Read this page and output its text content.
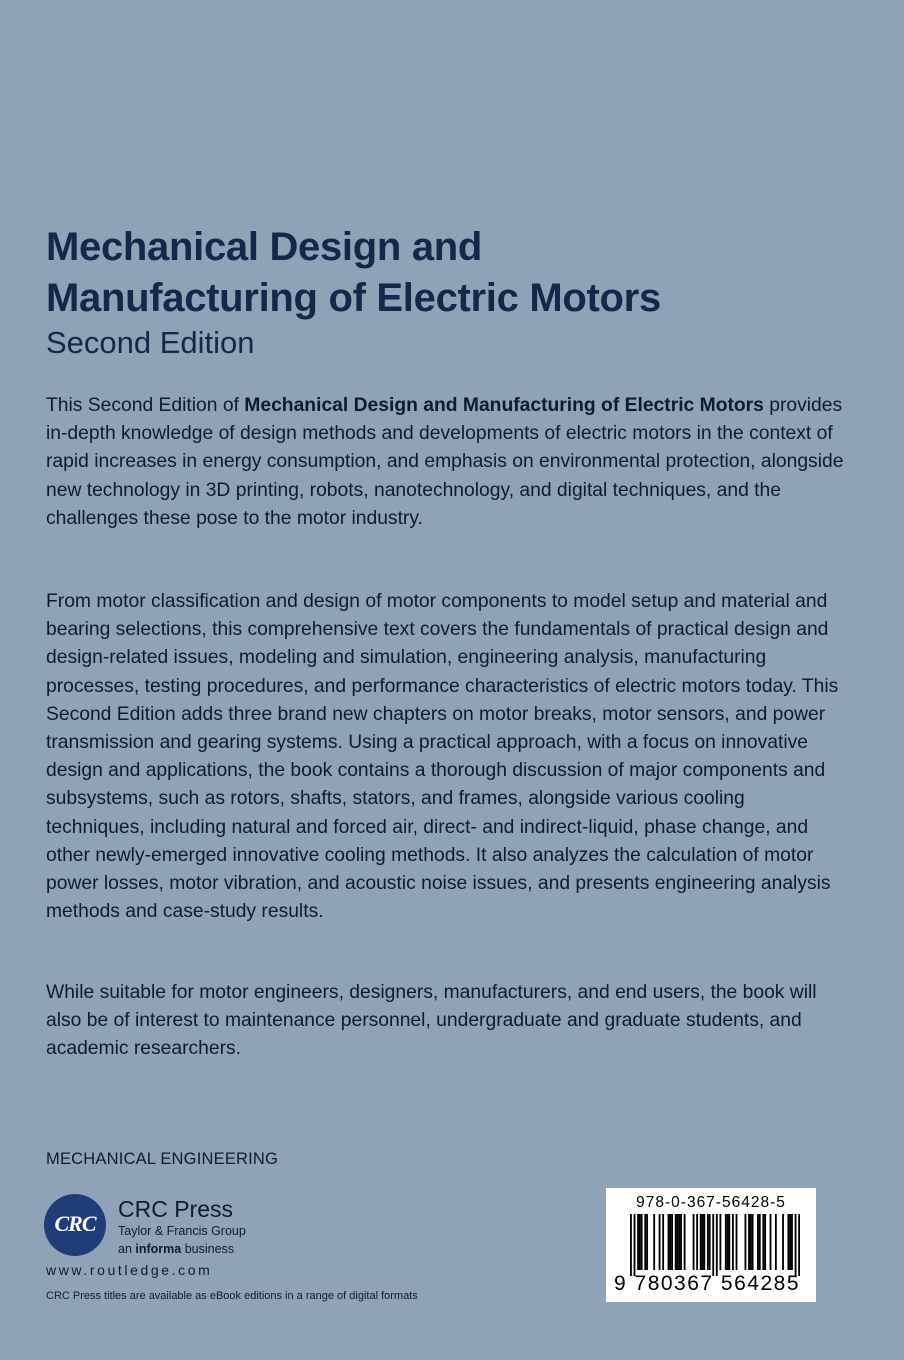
Mechanical Design and
Manufacturing of Electric Motors
Second Edition

This Second Edition of Mechanical Design and Manufacturing of Electric Motors provides in-depth knowledge of design methods and developments of electric motors in the context of rapid increases in energy consumption, and emphasis on environmental protection, alongside new technology in 3D printing, robots, nanotechnology, and digital techniques, and the challenges these pose to the motor industry.

From motor classification and design of motor components to model setup and material and bearing selections, this comprehensive text covers the fundamentals of practical design and design-related issues, modeling and simulation, engineering analysis, manufacturing processes, testing procedures, and performance characteristics of electric motors today. This Second Edition adds three brand new chapters on motor breaks, motor sensors, and power transmission and gearing systems. Using a practical approach, with a focus on innovative design and applications, the book contains a thorough discussion of major components and subsystems, such as rotors, shafts, stators, and frames, alongside various cooling techniques, including natural and forced air, direct- and indirect-liquid, phase change, and other newly-emerged innovative cooling methods. It also analyzes the calculation of motor power losses, motor vibration, and acoustic noise issues, and presents engineering analysis methods and case-study results.

While suitable for motor engineers, designers, manufacturers, and end users, the book will also be of interest to maintenance personnel, undergraduate and graduate students, and academic researchers.

MECHANICAL ENGINEERING
CRC
CRC Press
Taylor & Francis Group
an informa business
www.routledge.com
CRC Press titles are available as eBook editions in a range of digital formats
978-0-367-56428-5
9 780367 564285
